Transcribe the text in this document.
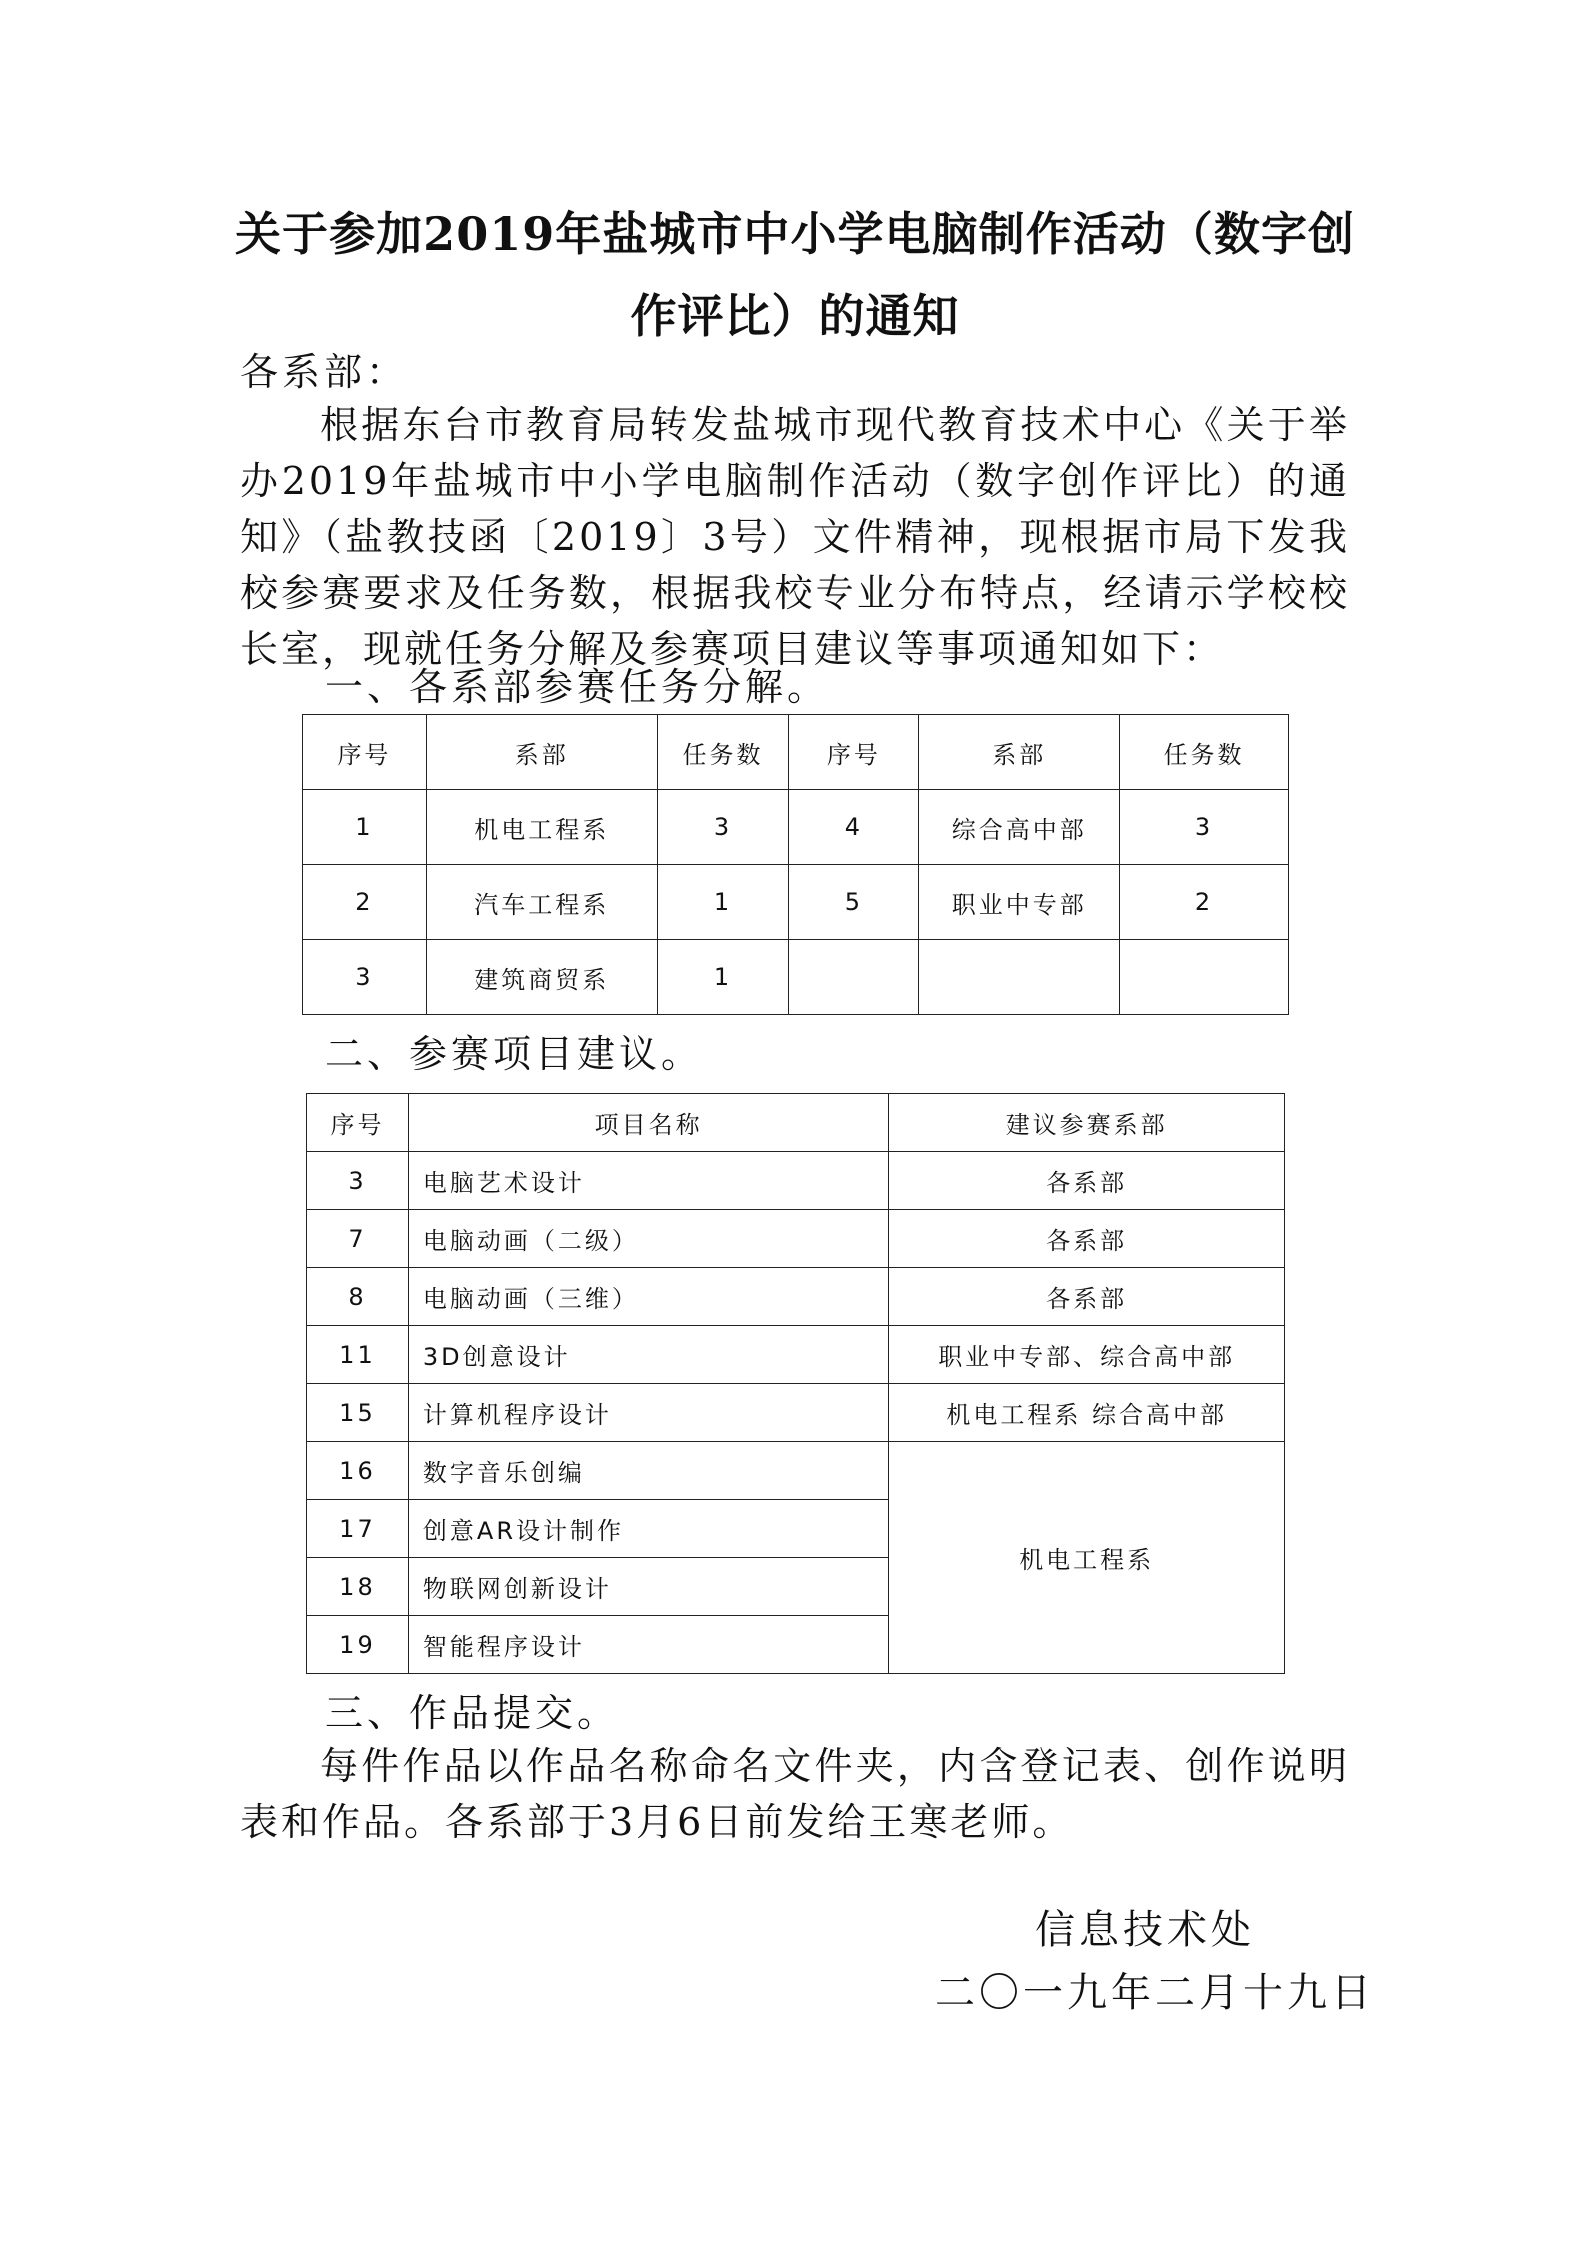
关于参加2019年盐城市中小学电脑制作活动（数字创作评比）的通知
各系部：
根据东台市教育局转发盐城市现代教育技术中心《关于举办2019年盐城市中小学电脑制作活动（数字创作评比）的通知》（盐教技函〔2019〕3号）文件精神，现根据市局下发我校参赛要求及任务数，根据我校专业分布特点，经请示学校校长室，现就任务分解及参赛项目建议等事项通知如下：
一、各系部参赛任务分解。
序号	系部	任务数	序号	系部	任务数
1	机电工程系	3	4	综合高中部	3
2	汽车工程系	1	5	职业中专部	2
3	建筑商贸系	1			
二、参赛项目建议。
序号	项目名称	建议参赛系部
3	电脑艺术设计	各系部
7	电脑动画（二级）	各系部
8	电脑动画（三维）	各系部
11	3D创意设计	职业中专部、综合高中部
15	计算机程序设计	机电工程系 综合高中部
16	数字音乐创编	机电工程系
17	创意AR设计制作	
18	物联网创新设计	
19	智能程序设计	
三、作品提交。
每件作品以作品名称命名文件夹，内含登记表、创作说明表和作品。各系部于3月6日前发给王寒老师。
信息技术处
二〇一九年二月十九日
